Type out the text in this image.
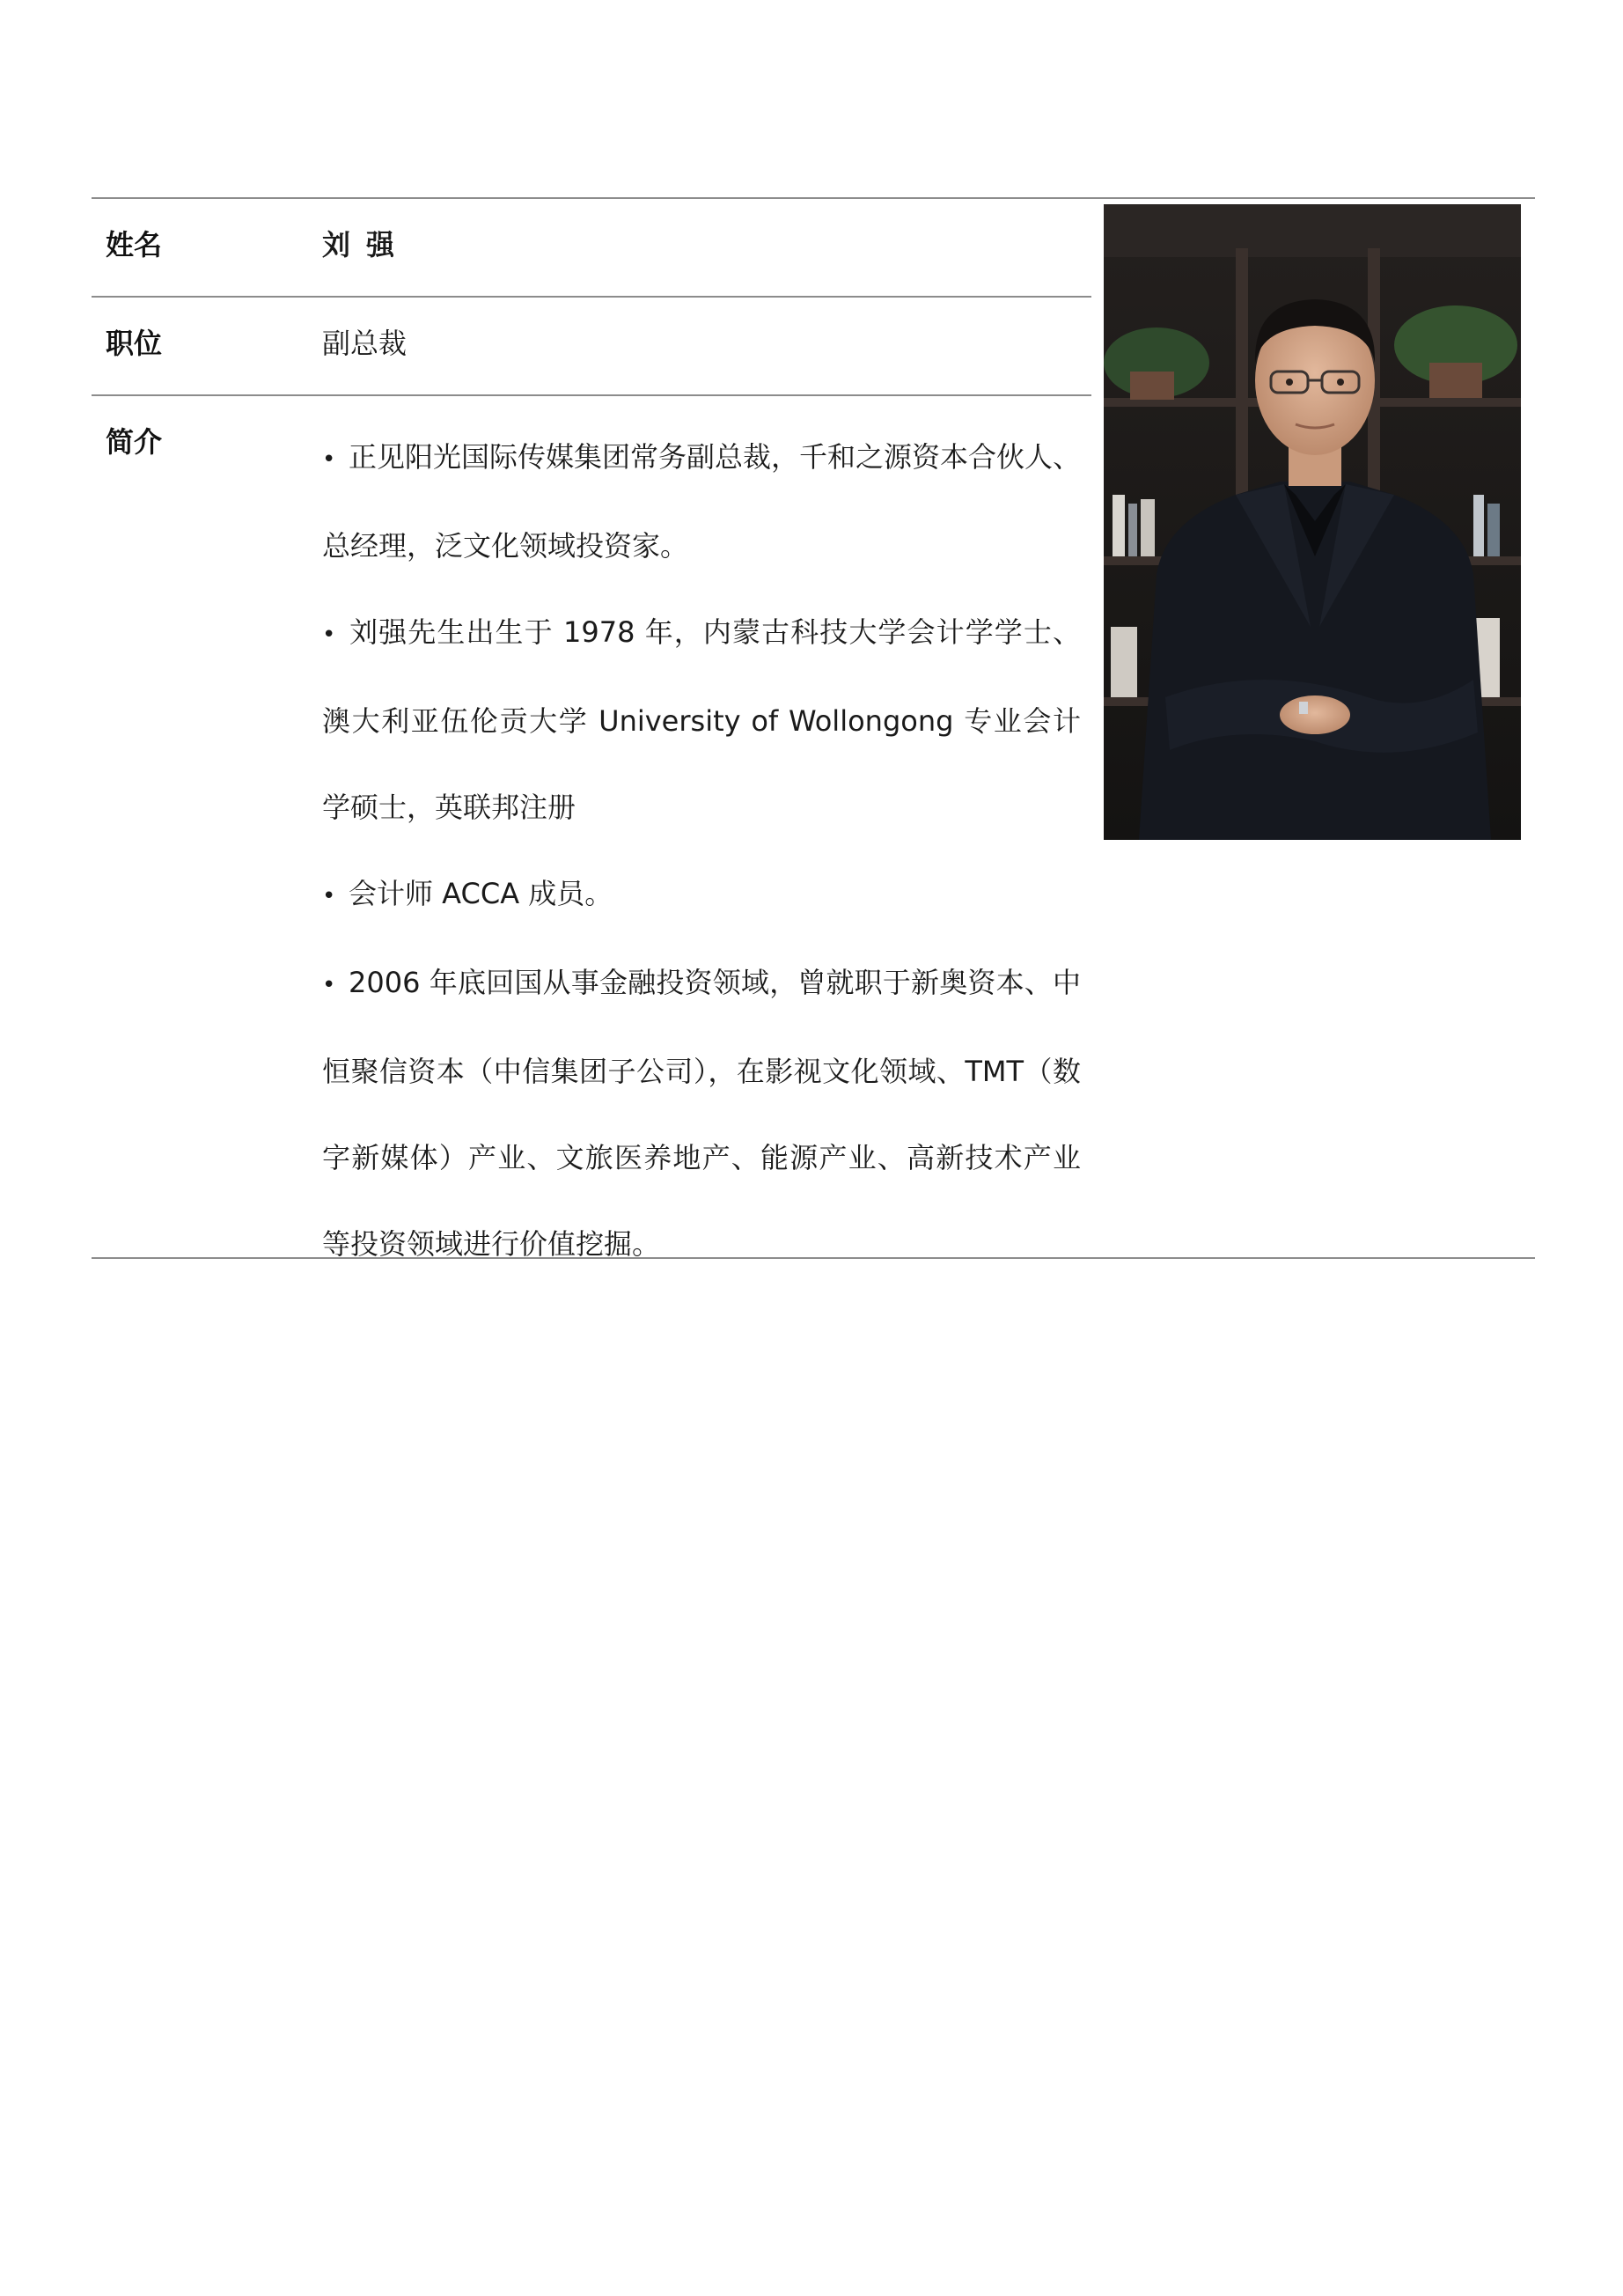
姓名	刘强
职位	副总裁
简介
• 正见阳光国际传媒集团常务副总裁，千和之源资本合伙人、总经理，泛文化领域投资家。
• 刘强先生出生于 1978 年，内蒙古科技大学会计学学士、澳大利亚伍伦贡大学 University of Wollongong 专业会计学硕士，英联邦注册
• 会计师 ACCA 成员。
• 2006 年底回国从事金融投资领域，曾就职于新奥资本、中恒聚信资本（中信集团子公司），在影视文化领域、TMT（数字新媒体）产业、文旅医养地产、能源产业、高新技术产业等投资领域进行价值挖掘。
